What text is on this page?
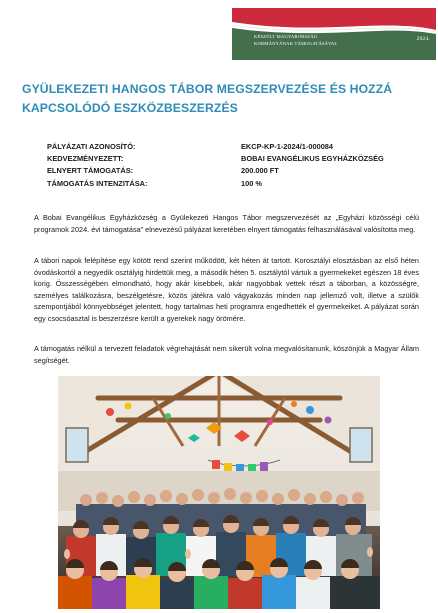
KÉSZÜLT MAGYARORSZÁG
KORMÁNYÁNAK TÁMOGATÁSÁVAL
2024.
GYÜLEKEZETI HANGOS TÁBOR MEGSZERVEZÉSE ÉS HOZZÁ KAPCSOLÓDÓ ESZKÖZBESZERZÉS
PÁLYÁZATI AZONOSÍTÓ:	EKCP-KP-1-2024/1-000084
KEDVEZMÉNYEZETT:	BOBAI EVANGÉLIKUS EGYHÁZKÖZSÉG
ELNYERT TÁMOGATÁS:	200.000 FT
TÁMOGATÁS INTENZITÁSA:	100 %

A Bobai Evangélikus Egyházközség a Gyülekezeti Hangos Tábor megszervezését az „Egyházi közösségi célú programok 2024. évi támogatása” elnevezésű pályázat keretében elnyert támogatás felhasználásával valósította meg.

A tábori napok felépítése egy kötött rend szerint működött, két héten át tartott. Korosztályi elosztásban az első héten óvodáskortól a negyedik osztályig hirdettük meg, a második héten 5. osztálytól vártuk a gyermekeket egészen 18 éves korig. Összességében elmondható, hogy akár kisebbek, akár nagyobbak vettek részt a táborban, a közösségre, személyes találkozásra, beszélgetésre, közös játékra való vágyakozás minden nap jellemző volt, illetve a szülők szempontjából könnyebbséget jelentett, hogy tartalmas heti programra engedhették el gyermekeiket. A pályázat során egy csocsóasztal is beszerzésre került a gyerekek nagy örömére.

A támogatás nélkül a tervezett feladatok végrehajtását nem sikerült volna megvalósítanunk, köszönjük a Magyar Állam segítségét.
